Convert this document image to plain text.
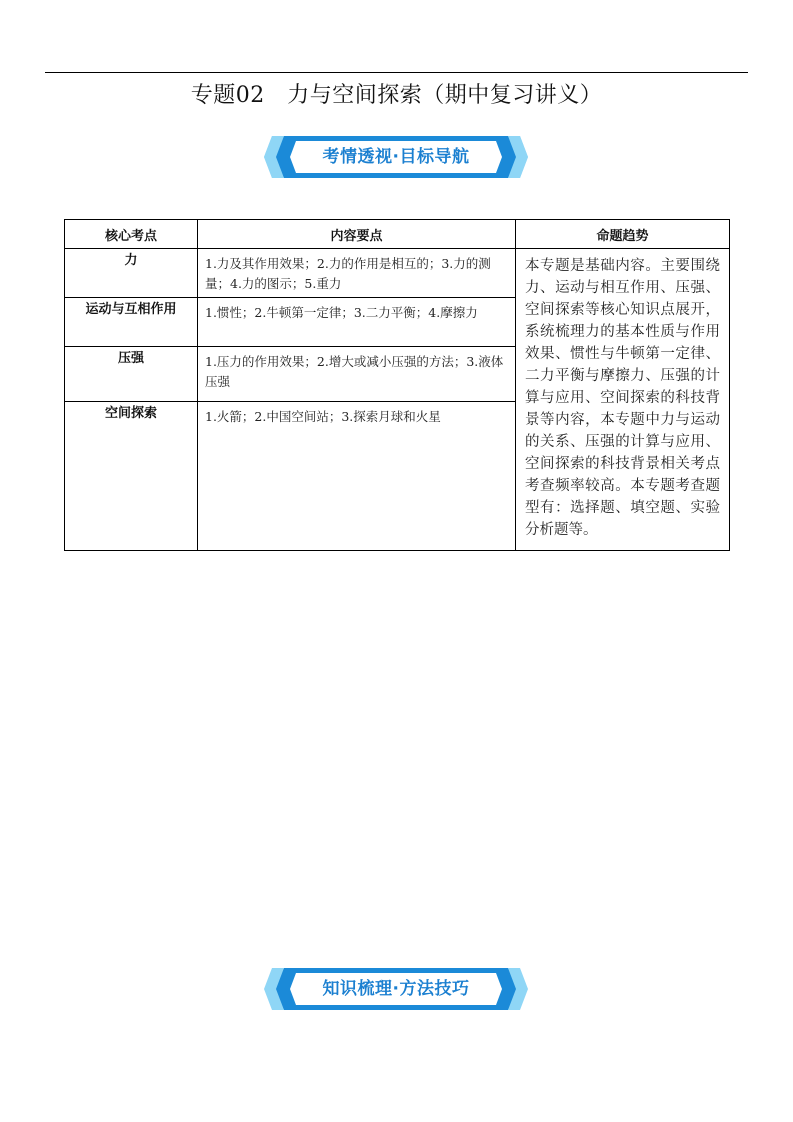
专题02　力与空间探索（期中复习讲义）
考情透视·目标导航
核心考点	内容要点	命题趋势
力	1.力及其作用效果；2.力的作用是相互的；3.力的测量；4.力的图示；5.重力	本专题是基础内容。主要围绕力、运动与相互作用、压强、空间探索等核心知识点展开，系统梳理力的基本性质与作用效果、惯性与牛顿第一定律、二力平衡与摩擦力、压强的计算与应用、空间探索的科技背景等内容，本专题中力与运动的关系、压强的计算与应用、空间探索的科技背景相关考点考查频率较高。本专题考查题型有：选择题、填空题、实验分析题等。
运动与互相作用	1.惯性；2.牛顿第一定律；3.二力平衡；4.摩擦力	
压强	1.压力的作用效果；2.增大或减小压强的方法；3.液体压强	
空间探索	1.火箭；2.中国空间站；3.探索月球和火星	
知识梳理·方法技巧
